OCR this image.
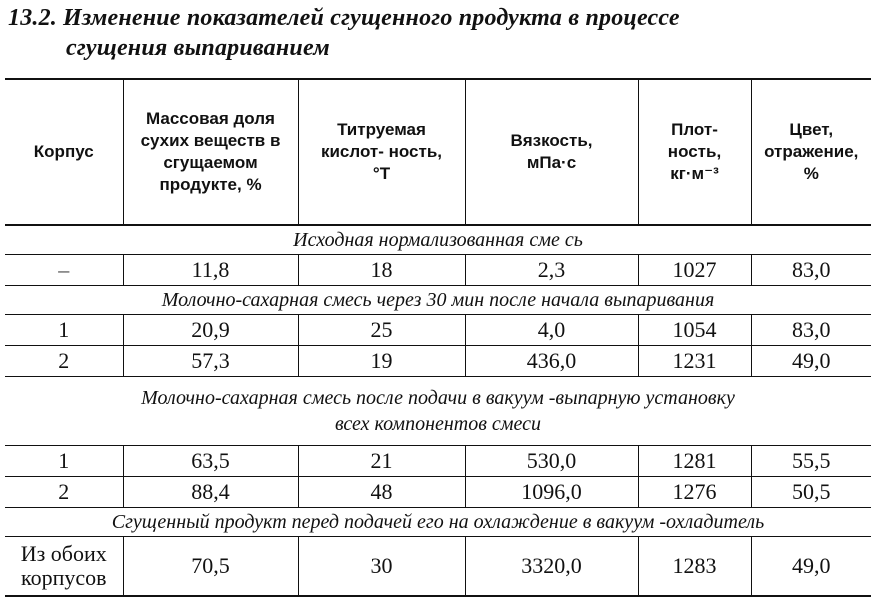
13.2. Изменение показателей сгущенного продукта в процессе
сгущения выпариванием
Корпус	Массовая доля сухих веществ в сгущаемом продукте, %	Титруемая кислот- ность, °Т	Вязкость, мПа·с	Плот- ность, кг·м⁻³	Цвет, отражение, %
Исходная нормализованная сме сь					
–	11,8	18	2,3	1027	83,0
Молочно-сахарная смесь через 30 мин после начала выпаривания					
1	20,9	25	4,0	1054	83,0
2	57,3	19	436,0	1231	49,0
Молочно-сахарная смесь после подачи в вакуум -выпарную установку
всех компонентов смеси					
1	63,5	21	530,0	1281	55,5
2	88,4	48	1096,0	1276	50,5
Сгущенный продукт перед подачей его на охлаждение в вакуум -охладитель					
Из обоих корпусов	70,5	30	3320,0	1283	49,0
